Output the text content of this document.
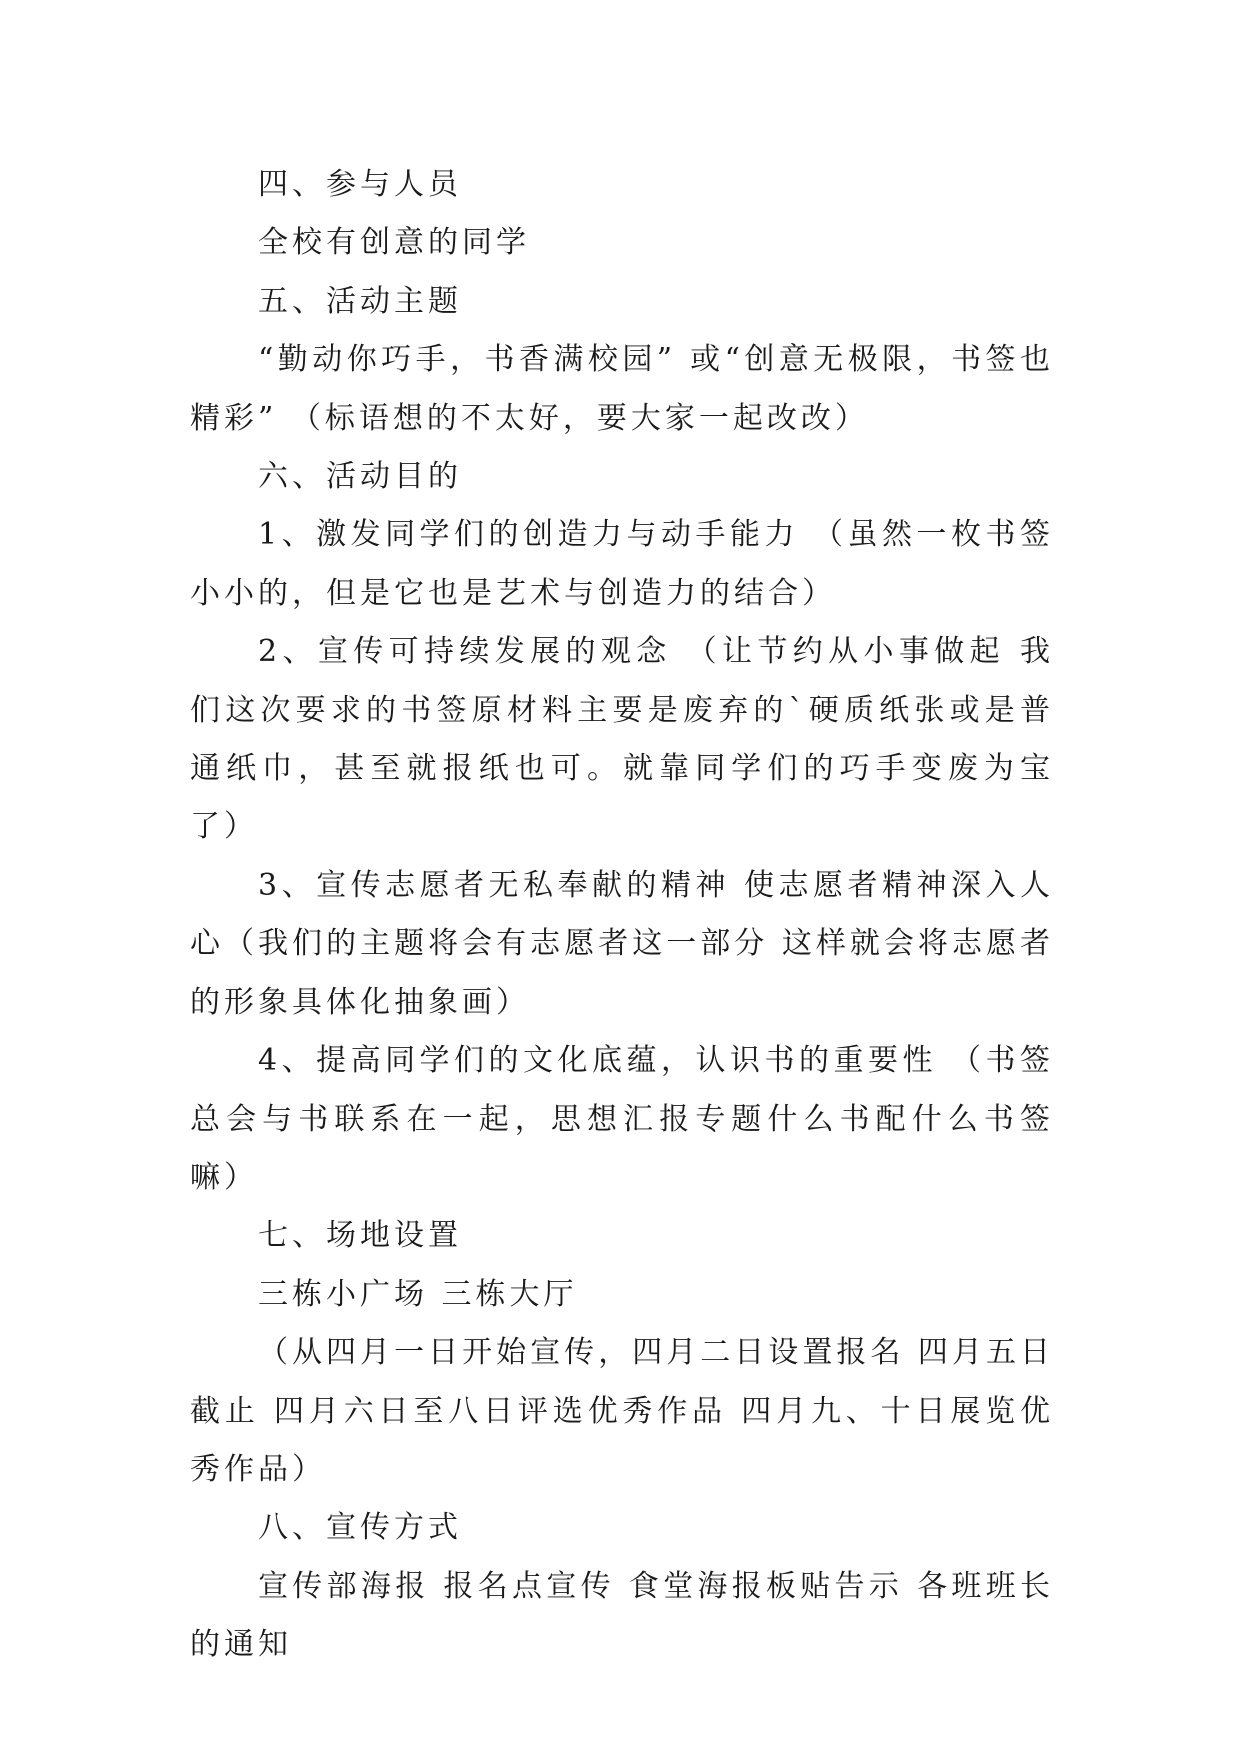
四、参与人员

全校有创意的同学

五、活动主题

“勤动你巧手，书香满校园” 或“创意无极限，书签也精彩” （标语想的不太好，要大家一起改改）

六、活动目的

1、激发同学们的创造力与动手能力 （虽然一枚书签小小的，但是它也是艺术与创造力的结合）

2、宣传可持续发展的观念 （让节约从小事做起 我们这次要求的书签原材料主要是废弃的`硬质纸张或是普通纸巾，甚至就报纸也可。就靠同学们的巧手变废为宝了）

3、宣传志愿者无私奉献的精神 使志愿者精神深入人心（我们的主题将会有志愿者这一部分 这样就会将志愿者的形象具体化抽象画）

4、提高同学们的文化底蕴，认识书的重要性 （书签总会与书联系在一起，思想汇报专题什么书配什么书签嘛）

七、场地设置

三栋小广场 三栋大厅

（从四月一日开始宣传，四月二日设置报名 四月五日截止 四月六日至八日评选优秀作品 四月九、十日展览优秀作品）

八、宣传方式

宣传部海报 报名点宣传 食堂海报板贴告示 各班班长的通知
